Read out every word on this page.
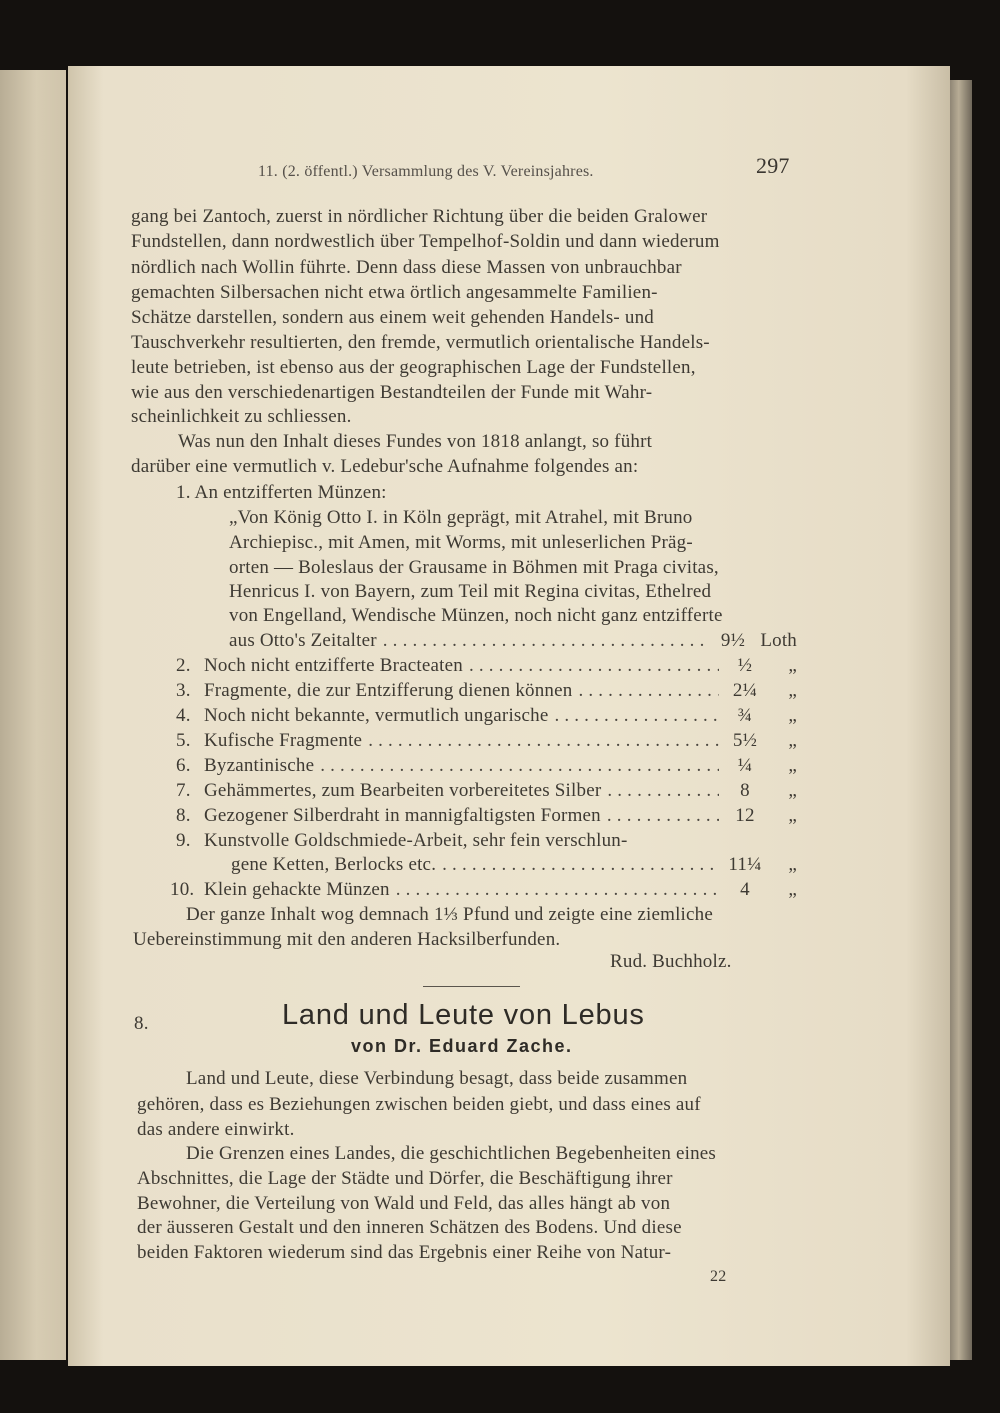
11. (2. öffentl.) Versammlung des V. Vereinsjahres.	297
gang bei Zantoch, zuerst in nördlicher Richtung über die beiden Gralower
Fundstellen, dann nordwestlich über Tempelhof-Soldin und dann wiederum
nördlich nach Wollin führte. Denn dass diese Massen von unbrauchbar
gemachten Silbersachen nicht etwa örtlich angesammelte Familien-
Schätze darstellen, sondern aus einem weit gehenden Handels- und
Tauschverkehr resultierten, den fremde, vermutlich orientalische Handels-
leute betrieben, ist ebenso aus der geographischen Lage der Fundstellen,
wie aus den verschiedenartigen Bestandteilen der Funde mit Wahr-
scheinlichkeit zu schliessen.
Was nun den Inhalt dieses Fundes von 1818 anlangt, so führt
darüber eine vermutlich v. Ledebur'sche Aufnahme folgendes an:
1. An entzifferten Münzen:
„Von König Otto I. in Köln geprägt, mit Atrahel, mit Bruno
Archiepisc., mit Amen, mit Worms, mit unleserlichen Präg-
orten — Boleslaus der Grausame in Böhmen mit Praga civitas,
Henricus I. von Bayern, zum Teil mit Regina civitas, Ethelred
von Engelland, Wendische Münzen, noch nicht ganz entzifferte
aus Otto's Zeitalter . . .	9½ Loth
2. Noch nicht entzifferte Bracteaten . . .	½	„
3. Fragmente, die zur Entzifferung dienen können . . .	2¼	„
4. Noch nicht bekannte, vermutlich ungarische . . .	¾	„
5. Kufische Fragmente . . .	5½	„
6. Byzantinische . . .	¼	„
7. Gehämmertes, zum Bearbeiten vorbereitetes Silber . . .	8	„
8. Gezogener Silberdraht in mannigfaltigsten Formen . . .	12	„
9. Kunstvolle Goldschmiede-Arbeit, sehr fein verschlun-
gene Ketten, Berlocks etc. . . .	11¼	„
10. Klein gehackte Münzen . . .	4	„
Der ganze Inhalt wog demnach 1⅓ Pfund und zeigte eine ziemliche
Uebereinstimmung mit den anderen Hacksilberfunden.
Rud. Buchholz.
8.	Land und Leute von Lebus
von Dr. Eduard Zache.
Land und Leute, diese Verbindung besagt, dass beide zusammen
gehören, dass es Beziehungen zwischen beiden giebt, und dass eines auf
das andere einwirkt.
Die Grenzen eines Landes, die geschichtlichen Begebenheiten eines
Abschnittes, die Lage der Städte und Dörfer, die Beschäftigung ihrer
Bewohner, die Verteilung von Wald und Feld, das alles hängt ab von
der äusseren Gestalt und den inneren Schätzen des Bodens. Und diese
beiden Faktoren wiederum sind das Ergebnis einer Reihe von Natur-
22
